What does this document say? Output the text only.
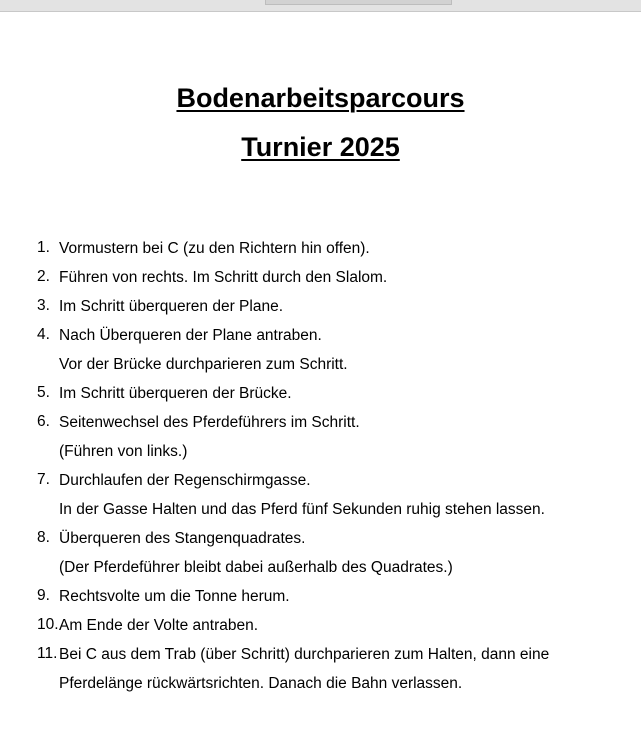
Bodenarbeitsparcours
Turnier 2025
1. Vormustern bei C (zu den Richtern hin offen).
2. Führen von rechts. Im Schritt durch den Slalom.
3. Im Schritt überqueren der Plane.
4. Nach Überqueren der Plane antraben.
Vor der Brücke durchparieren zum Schritt.
5. Im Schritt überqueren der Brücke.
6. Seitenwechsel des Pferdeführers im Schritt.
(Führen von links.)
7. Durchlaufen der Regenschirmgasse.
In der Gasse Halten und das Pferd fünf Sekunden ruhig stehen lassen.
8. Überqueren des Stangenquadrates.
(Der Pferdeführer bleibt dabei außerhalb des Quadrates.)
9. Rechtsvolte um die Tonne herum.
10. Am Ende der Volte antraben.
11. Bei C aus dem Trab (über Schritt) durchparieren zum Halten, dann eine
Pferdelänge rückwärtsrichten. Danach die Bahn verlassen.
